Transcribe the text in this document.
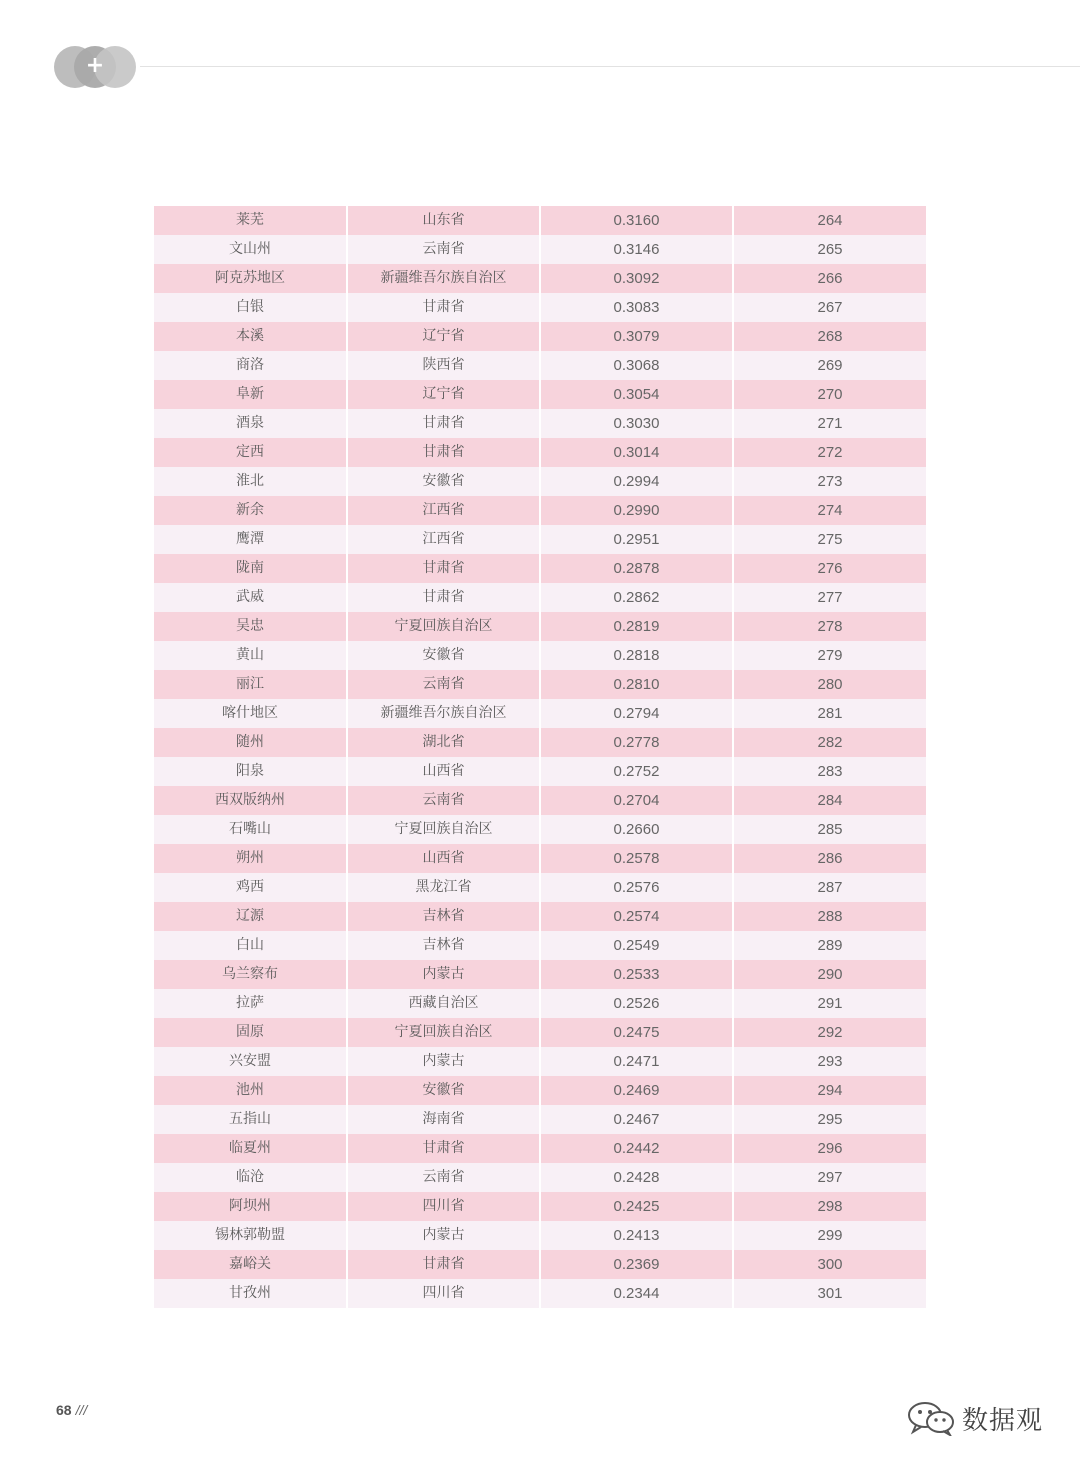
+
莱芜	山东省	0.3160	264
文山州	云南省	0.3146	265
阿克苏地区	新疆维吾尔族自治区	0.3092	266
白银	甘肃省	0.3083	267
本溪	辽宁省	0.3079	268
商洛	陕西省	0.3068	269
阜新	辽宁省	0.3054	270
酒泉	甘肃省	0.3030	271
定西	甘肃省	0.3014	272
淮北	安徽省	0.2994	273
新余	江西省	0.2990	274
鹰潭	江西省	0.2951	275
陇南	甘肃省	0.2878	276
武威	甘肃省	0.2862	277
吴忠	宁夏回族自治区	0.2819	278
黄山	安徽省	0.2818	279
丽江	云南省	0.2810	280
喀什地区	新疆维吾尔族自治区	0.2794	281
随州	湖北省	0.2778	282
阳泉	山西省	0.2752	283
西双版纳州	云南省	0.2704	284
石嘴山	宁夏回族自治区	0.2660	285
朔州	山西省	0.2578	286
鸡西	黑龙江省	0.2576	287
辽源	吉林省	0.2574	288
白山	吉林省	0.2549	289
乌兰察布	内蒙古	0.2533	290
拉萨	西藏自治区	0.2526	291
固原	宁夏回族自治区	0.2475	292
兴安盟	内蒙古	0.2471	293
池州	安徽省	0.2469	294
五指山	海南省	0.2467	295
临夏州	甘肃省	0.2442	296
临沧	云南省	0.2428	297
阿坝州	四川省	0.2425	298
锡林郭勒盟	内蒙古	0.2413	299
嘉峪关	甘肃省	0.2369	300
甘孜州	四川省	0.2344	301
68 ///	数据观
